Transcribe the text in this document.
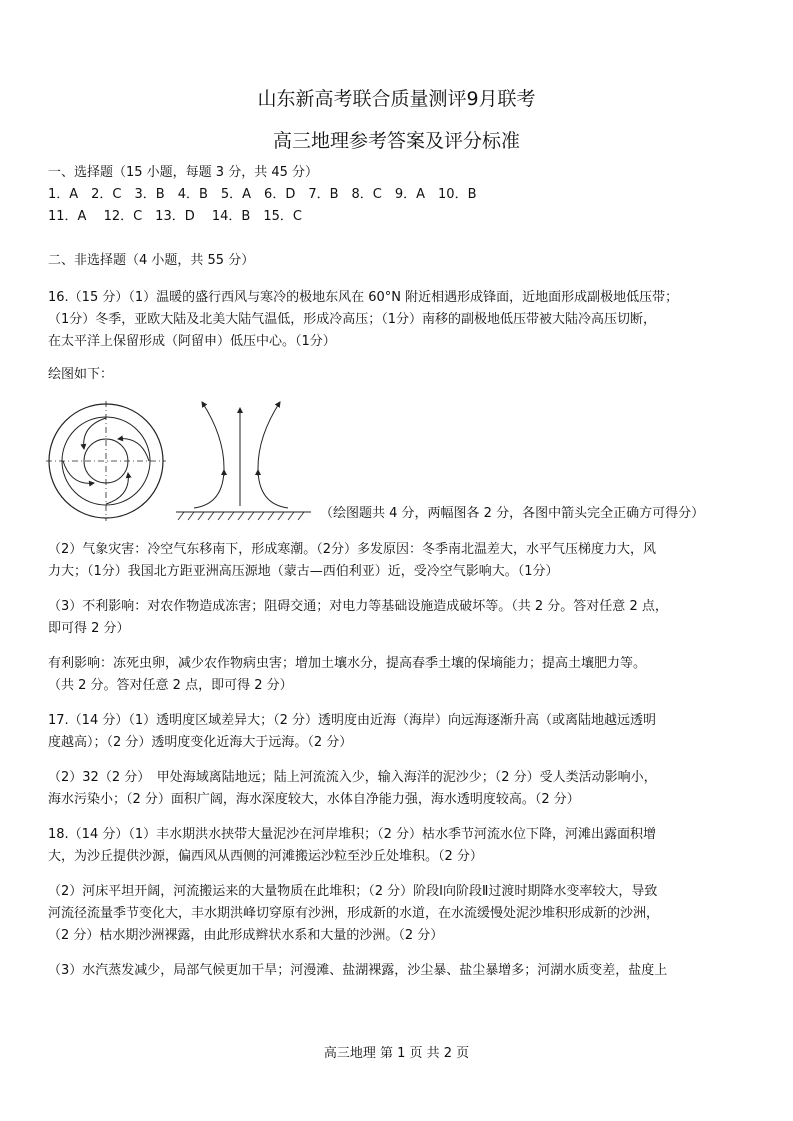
山东新高考联合质量测评9月联考
高三地理参考答案及评分标准
一、选择题（15 小题，每题 3 分，共 45 分）
1．A　2．C　3．B　4．B　5．A　6．D　7．B　8．C　9．A　10．B
11．A　 12．C　13．D　 14．B　15．C
二、非选择题（4 小题，共 55 分）
16.（15 分）（1）温暖的盛行西风与寒冷的极地东风在 60°N 附近相遇形成锋面，近地面形成副极地低压带；
（1分）冬季，亚欧大陆及北美大陆气温低，形成冷高压；（1分）南移的副极地低压带被大陆冷高压切断，
在太平洋上保留形成（阿留申）低压中心。（1分）
绘图如下：
（绘图题共 4 分，两幅图各 2 分，各图中箭头完全正确方可得分）
（2）气象灾害：冷空气东移南下，形成寒潮。（2分）多发原因：冬季南北温差大，水平气压梯度力大，风
力大；（1分）我国北方距亚洲高压源地（蒙古—西伯利亚）近，受冷空气影响大。（1分）
（3）不利影响：对农作物造成冻害；阻碍交通；对电力等基础设施造成破坏等。（共 2 分。答对任意 2 点，
即可得 2 分）
有利影响：冻死虫卵，减少农作物病虫害；增加土壤水分，提高春季土壤的保墒能力；提高土壤肥力等。
（共 2 分。答对任意 2 点，即可得 2 分）
17.（14 分）（1）透明度区域差异大；（2 分）透明度由近海（海岸）向远海逐渐升高（或离陆地越远透明
度越高）；（2 分）透明度变化近海大于远海。（2 分）
（2）32（2 分）　甲处海域离陆地远；陆上河流流入少，输入海洋的泥沙少；（2 分）受人类活动影响小，
海水污染小；（2 分）面积广阔，海水深度较大，水体自净能力强，海水透明度较高。（2 分）
18.（14 分）（1）丰水期洪水挟带大量泥沙在河岸堆积；（2 分）枯水季节河流水位下降，河滩出露面积增
大，为沙丘提供沙源，偏西风从西侧的河滩搬运沙粒至沙丘处堆积。（2 分）
（2）河床平坦开阔，河流搬运来的大量物质在此堆积；（2 分）阶段Ⅰ向阶段Ⅱ过渡时期降水变率较大，导致
河流径流量季节变化大，丰水期洪峰切穿原有沙洲，形成新的水道，在水流缓慢处泥沙堆积形成新的沙洲，
（2 分）枯水期沙洲裸露，由此形成辫状水系和大量的沙洲。（2 分）
（3）水汽蒸发减少，局部气候更加干旱；河漫滩、盐湖裸露，沙尘暴、盐尘暴增多；河湖水质变差，盐度上
高三地理 第 1 页 共 2 页
